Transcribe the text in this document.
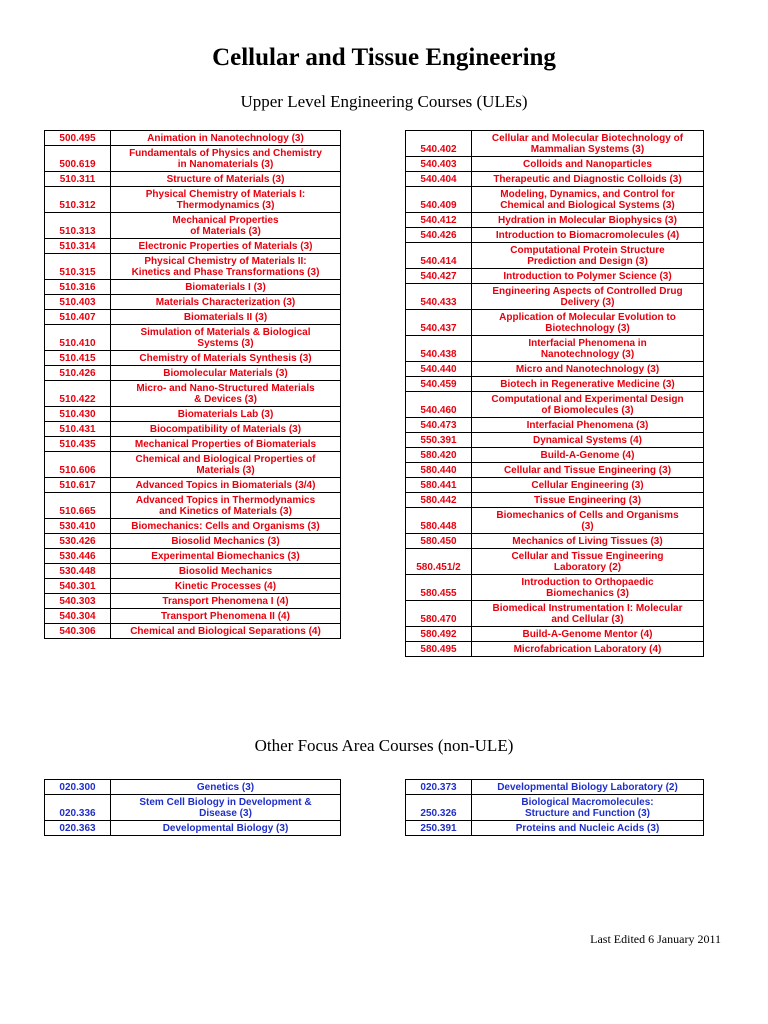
Cellular and Tissue Engineering
Upper Level Engineering Courses (ULEs)
500.495	Animation in Nanotechnology (3)
500.619	Fundamentals of Physics and Chemistry
in Nanomaterials (3)
510.311	Structure of Materials (3)
510.312	Physical Chemistry of Materials I:
Thermodynamics (3)
510.313	Mechanical Properties
of Materials (3)
510.314	Electronic Properties of Materials (3)
510.315	Physical Chemistry of Materials II:
Kinetics and Phase Transformations (3)
510.316	Biomaterials I (3)
510.403	Materials Characterization (3)
510.407	Biomaterials II (3)
510.410	Simulation of Materials & Biological
Systems (3)
510.415	Chemistry of Materials Synthesis (3)
510.426	Biomolecular Materials (3)
510.422	Micro- and Nano-Structured Materials
& Devices (3)
510.430	Biomaterials Lab (3)
510.431	Biocompatibility of Materials (3)
510.435	Mechanical Properties of Biomaterials
510.606	Chemical and Biological Properties of
Materials (3)
510.617	Advanced Topics in Biomaterials (3/4)
510.665	Advanced Topics in Thermodynamics
and Kinetics of Materials (3)
530.410	Biomechanics: Cells and Organisms (3)
530.426	Biosolid Mechanics (3)
530.446	Experimental Biomechanics (3)
530.448	Biosolid Mechanics
540.301	Kinetic Processes (4)
540.303	Transport Phenomena I (4)
540.304	Transport Phenomena II (4)
540.306	Chemical and Biological Separations (4)
540.402	Cellular and Molecular Biotechnology of
Mammalian Systems (3)
540.403	Colloids and Nanoparticles
540.404	Therapeutic and Diagnostic Colloids (3)
540.409	Modeling, Dynamics, and Control for
Chemical and Biological Systems (3)
540.412	Hydration in Molecular Biophysics (3)
540.426	Introduction to Biomacromolecules (4)
540.414	Computational Protein Structure
Prediction and Design (3)
540.427	Introduction to Polymer Science (3)
540.433	Engineering Aspects of Controlled Drug
Delivery (3)
540.437	Application of Molecular Evolution to
Biotechnology (3)
540.438	Interfacial Phenomena in
Nanotechnology (3)
540.440	Micro and Nanotechnology (3)
540.459	Biotech in Regenerative Medicine (3)
540.460	Computational and Experimental Design
of Biomolecules (3)
540.473	Interfacial Phenomena (3)
550.391	Dynamical Systems (4)
580.420	Build-A-Genome (4)
580.440	Cellular and Tissue Engineering (3)
580.441	Cellular Engineering (3)
580.442	Tissue Engineering (3)
580.448	Biomechanics of Cells and Organisms
(3)
580.450	Mechanics of Living Tissues (3)
580.451/2	Cellular and Tissue Engineering
Laboratory (2)
580.455	Introduction to Orthopaedic
Biomechanics (3)
580.470	Biomedical Instrumentation I: Molecular
and Cellular (3)
580.492	Build-A-Genome Mentor (4)
580.495	Microfabrication Laboratory (4)
Other Focus Area Courses (non-ULE)
020.300	Genetics (3)
020.336	Stem Cell Biology in Development &
Disease (3)
020.363	Developmental Biology (3)
020.373	Developmental Biology Laboratory (2)
250.326	Biological Macromolecules:
Structure and Function (3)
250.391	Proteins and Nucleic Acids (3)
Last Edited 6 January 2011
